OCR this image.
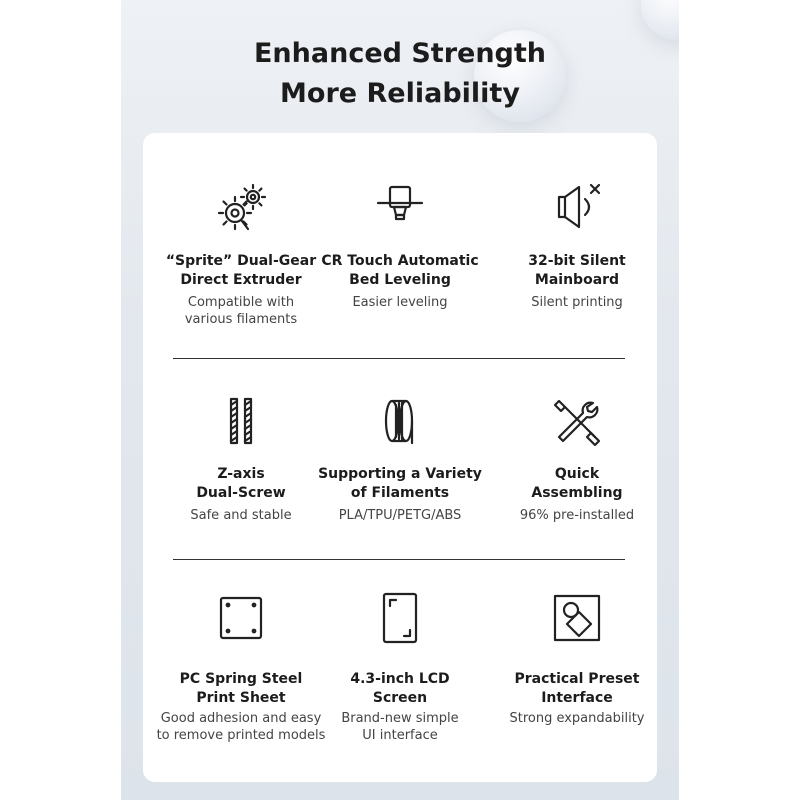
Enhanced Strength
More Reliability
“Sprite” Dual-Gear
Direct Extruder
Compatible with
various filaments
CR Touch Automatic
Bed Leveling
Easier leveling
32-bit Silent
Mainboard
Silent printing
Z-axis
Dual-Screw
Safe and stable
Supporting a Variety
of Filaments
PLA/TPU/PETG/ABS
Quick
Assembling
96% pre-installed
PC Spring Steel
Print Sheet
Good adhesion and easy
to remove printed models
4.3-inch LCD
Screen
Brand-new simple
UI interface
Practical Preset
Interface
Strong expandability
